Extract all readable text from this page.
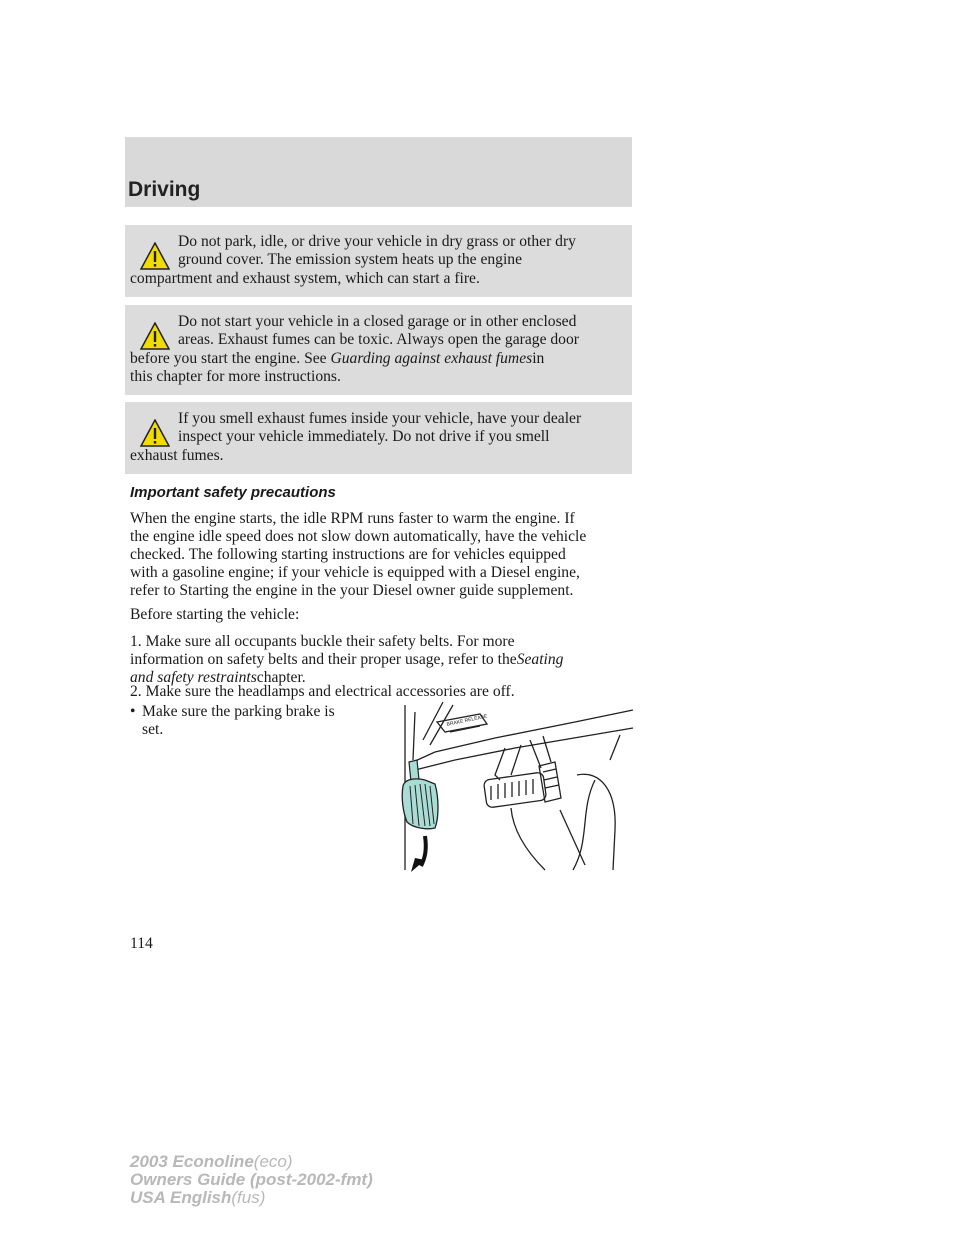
Driving

Do not park, idle, or drive your vehicle in dry grass or other dry

ground cover. The emission system heats up the engine

compartment and exhaust system, which can start a fire.

Do not start your vehicle in a closed garage or in other enclosed

areas. Exhaust fumes can be toxic. Always open the garage door

before you start the engine. See Guarding against exhaust fumesin

this chapter for more instructions.

If you smell exhaust fumes inside your vehicle, have your dealer

inspect your vehicle immediately. Do not drive if you smell

exhaust fumes.

Important safety precautions
When the engine starts, the idle RPM runs faster to warm the engine. If
the engine idle speed does not slow down automatically, have the vehicle
checked. The following starting instructions are for vehicles equipped
with a gasoline engine; if your vehicle is equipped with a Diesel engine,
refer to Starting the engine in the your Diesel owner guide supplement.
Before starting the vehicle:
1. Make sure all occupants buckle their safety belts. For more
information on safety belts and their proper usage, refer to theSeating
and safety restraintschapter.
2. Make sure the headlamps and electrical accessories are off.
• Make sure the parking brake is set.
BRAKE RELEASE
114
2003 Econoline(eco)
Owners Guide (post-2002-fmt)
USA English(fus)
